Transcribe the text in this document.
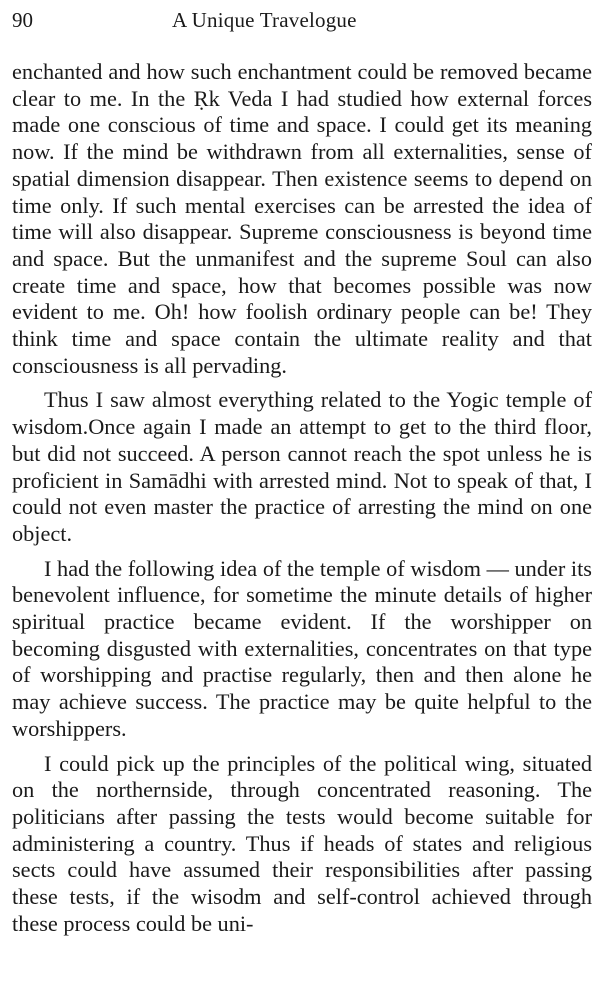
90	A Unique Travelogue

enchanted and how such enchantment could be removed became clear to me. In the Ṛk Veda I had studied how external forces made one conscious of time and space. I could get its meaning now. If the mind be withdrawn from all externalities, sense of spatial dimension disappear. Then existence seems to depend on time only. If such mental exercises can be arrested the idea of time will also disappear. Supreme consciousness is beyond time and space. But the unmanifest and the supreme Soul can also create time and space, how that becomes possible was now evident to me. Oh! how foolish ordinary people can be! They think time and space contain the ultimate reality and that consciousness is all pervading.

Thus I saw almost everything related to the Yogic temple of wisdom.Once again I made an attempt to get to the third floor, but did not succeed. A person cannot reach the spot unless he is proficient in Samādhi with arrested mind. Not to speak of that, I could not even master the practice of arresting the mind on one object.

I had the following idea of the temple of wisdom — under its benevolent influence, for sometime the minute details of higher spiritual practice became evident. If the worshipper on becoming disgusted with externalities, concentrates on that type of worshipping and practise regularly, then and then alone he may achieve success. The practice may be quite helpful to the worshippers.

I could pick up the principles of the political wing, situated on the northernside, through concentrated reasoning. The politicians after passing the tests would become suitable for administering a country. Thus if heads of states and religious sects could have assumed their responsibilities after passing these tests, if the wisodm and self-control achieved through these process could be uni-
